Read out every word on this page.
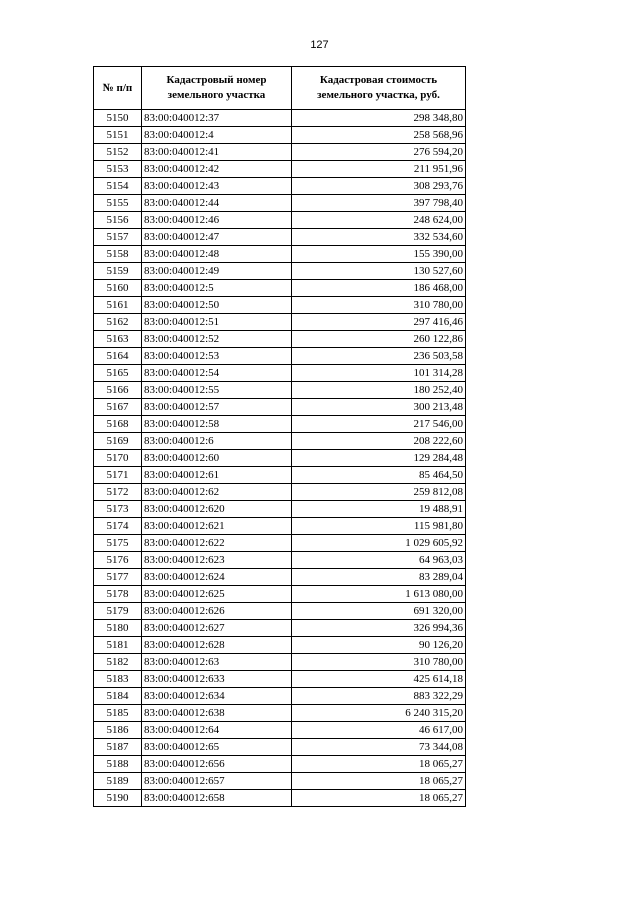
127
№ п/п	Кадастровый номер земельного участка	Кадастровая стоимость земельного участка, руб.
5150	83:00:040012:37	298 348,80
5151	83:00:040012:4	258 568,96
5152	83:00:040012:41	276 594,20
5153	83:00:040012:42	211 951,96
5154	83:00:040012:43	308 293,76
5155	83:00:040012:44	397 798,40
5156	83:00:040012:46	248 624,00
5157	83:00:040012:47	332 534,60
5158	83:00:040012:48	155 390,00
5159	83:00:040012:49	130 527,60
5160	83:00:040012:5	186 468,00
5161	83:00:040012:50	310 780,00
5162	83:00:040012:51	297 416,46
5163	83:00:040012:52	260 122,86
5164	83:00:040012:53	236 503,58
5165	83:00:040012:54	101 314,28
5166	83:00:040012:55	180 252,40
5167	83:00:040012:57	300 213,48
5168	83:00:040012:58	217 546,00
5169	83:00:040012:6	208 222,60
5170	83:00:040012:60	129 284,48
5171	83:00:040012:61	85 464,50
5172	83:00:040012:62	259 812,08
5173	83:00:040012:620	19 488,91
5174	83:00:040012:621	115 981,80
5175	83:00:040012:622	1 029 605,92
5176	83:00:040012:623	64 963,03
5177	83:00:040012:624	83 289,04
5178	83:00:040012:625	1 613 080,00
5179	83:00:040012:626	691 320,00
5180	83:00:040012:627	326 994,36
5181	83:00:040012:628	90 126,20
5182	83:00:040012:63	310 780,00
5183	83:00:040012:633	425 614,18
5184	83:00:040012:634	883 322,29
5185	83:00:040012:638	6 240 315,20
5186	83:00:040012:64	46 617,00
5187	83:00:040012:65	73 344,08
5188	83:00:040012:656	18 065,27
5189	83:00:040012:657	18 065,27
5190	83:00:040012:658	18 065,27
